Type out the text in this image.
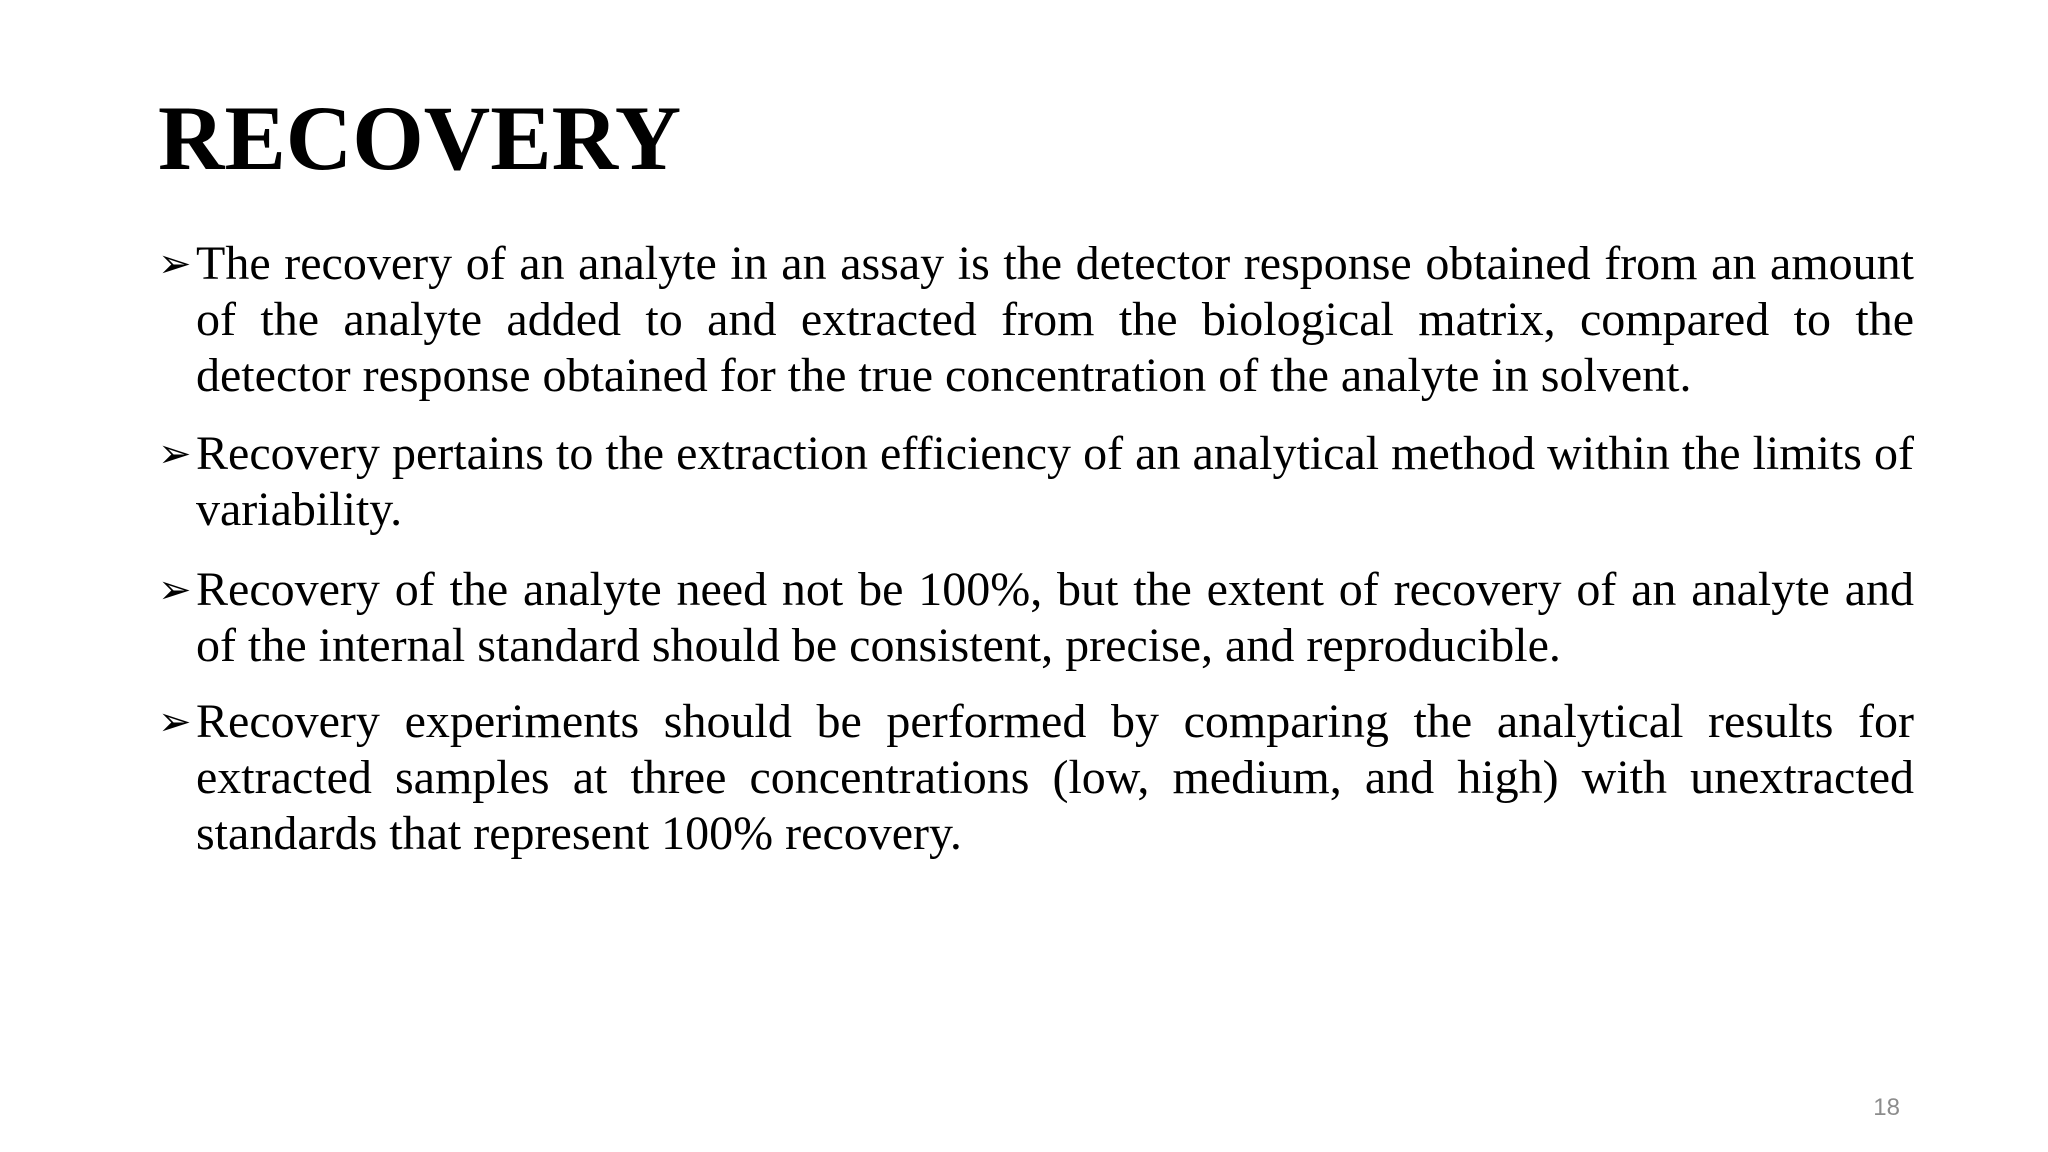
RECOVERY
➢ The recovery of an analyte in an assay is the detector response obtained from an amount of the analyte added to and extracted from the biological matrix, compared to the detector response obtained for the true concentration of the analyte in solvent.
➢ Recovery pertains to the extraction efficiency of an analytical method within the limits of variability.
➢ Recovery of the analyte need not be 100%, but the extent of recovery of an analyte and of the internal standard should be consistent, precise, and reproducible.
➢ Recovery experiments should be performed by comparing the analytical results for extracted samples at three concentrations (low, medium, and high) with unextracted standards that represent 100% recovery.
18
